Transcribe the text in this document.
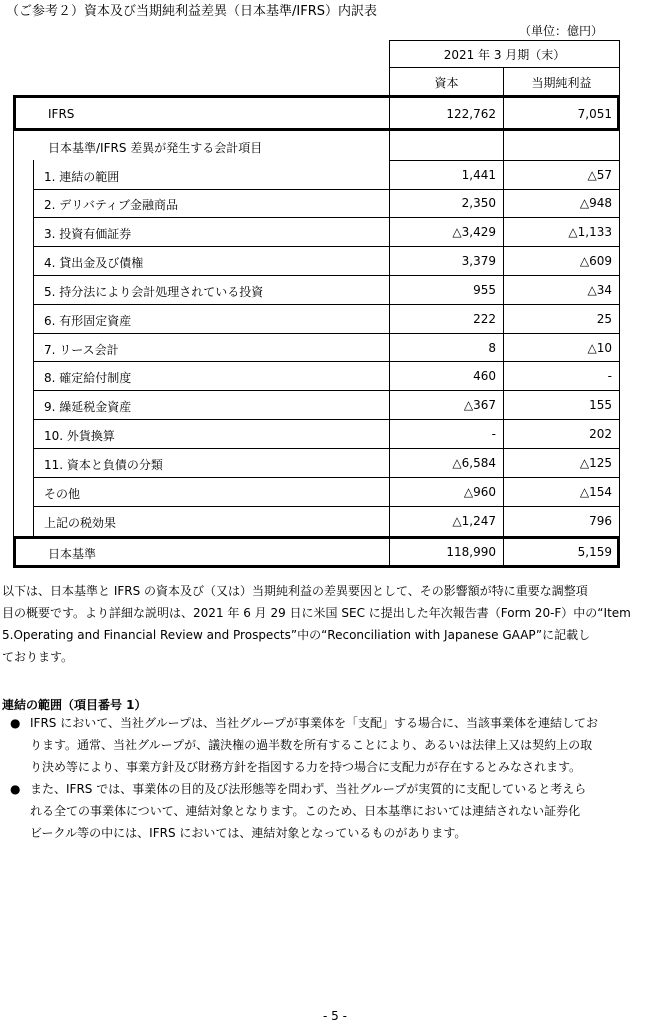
（ご参考２）資本及び当期純利益差異（日本基準/IFRS）内訳表
（単位：億円）
2021 年 3 月期（末）
資本	当期純利益
IFRS	122,762	7,051
日本基準/IFRS 差異が発生する会計項目
1. 連結の範囲	1,441	△57
2. デリバティブ金融商品	2,350	△948
3. 投資有価証券	△3,429	△1,133
4. 貸出金及び債権	3,379	△609
5. 持分法により会計処理されている投資	955	△34
6. 有形固定資産	222	25
7. リース会計	8	△10
8. 確定給付制度	460	-
9. 繰延税金資産	△367	155
10. 外貨換算	-	202
11. 資本と負債の分類	△6,584	△125
その他	△960	△154
上記の税効果	△1,247	796
日本基準	118,990	5,159
以下は、日本基準と IFRS の資本及び（又は）当期純利益の差異要因として、その影響額が特に重要な調整項
目の概要です。より詳細な説明は、2021 年 6 月 29 日に米国 SEC に提出した年次報告書（Form 20-F）中の“Item
5.Operating and Financial Review and Prospects”中の“Reconciliation with Japanese GAAP”に記載し
ております。
連結の範囲（項目番号 1）
● IFRS において、当社グループは、当社グループが事業体を「支配」する場合に、当該事業体を連結してお
ります。通常、当社グループが、議決権の過半数を所有することにより、あるいは法律上又は契約上の取
り決め等により、事業方針及び財務方針を指図する力を持つ場合に支配力が存在するとみなされます。
● また、IFRS では、事業体の目的及び法形態等を問わず、当社グループが実質的に支配していると考えら
れる全ての事業体について、連結対象となります。このため、日本基準においては連結されない証券化
ビークル等の中には、IFRS においては、連結対象となっているものがあります。
- 5 -
